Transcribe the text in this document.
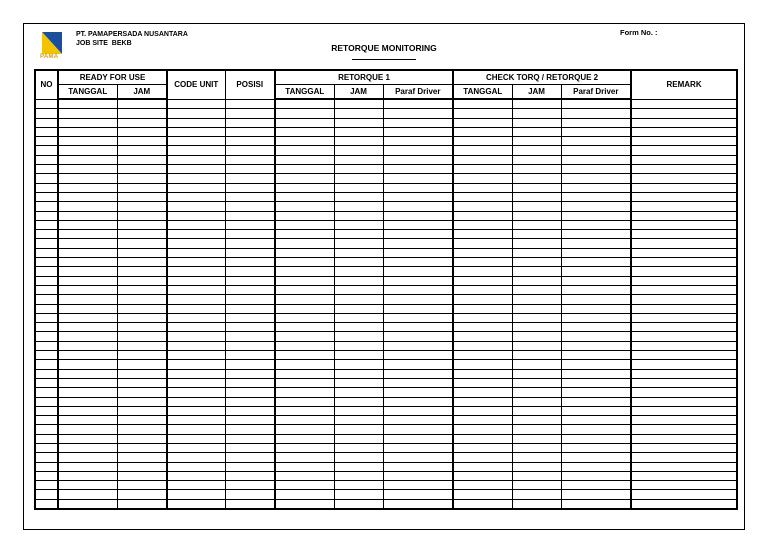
PAMA
PT. PAMAPERSADA NUSANTARA
JOB SITE  BEKB	RETORQUE MONITORING
Form No. :
NO	READY FOR USE		CODE UNIT	POSISI	RETORQUE 1			CHECK TORQ / RETORQUE 2			REMARK
	TANGGAL	JAM			TANGGAL	JAM	Paraf Driver	TANGGAL	JAM	Paraf Driver	
